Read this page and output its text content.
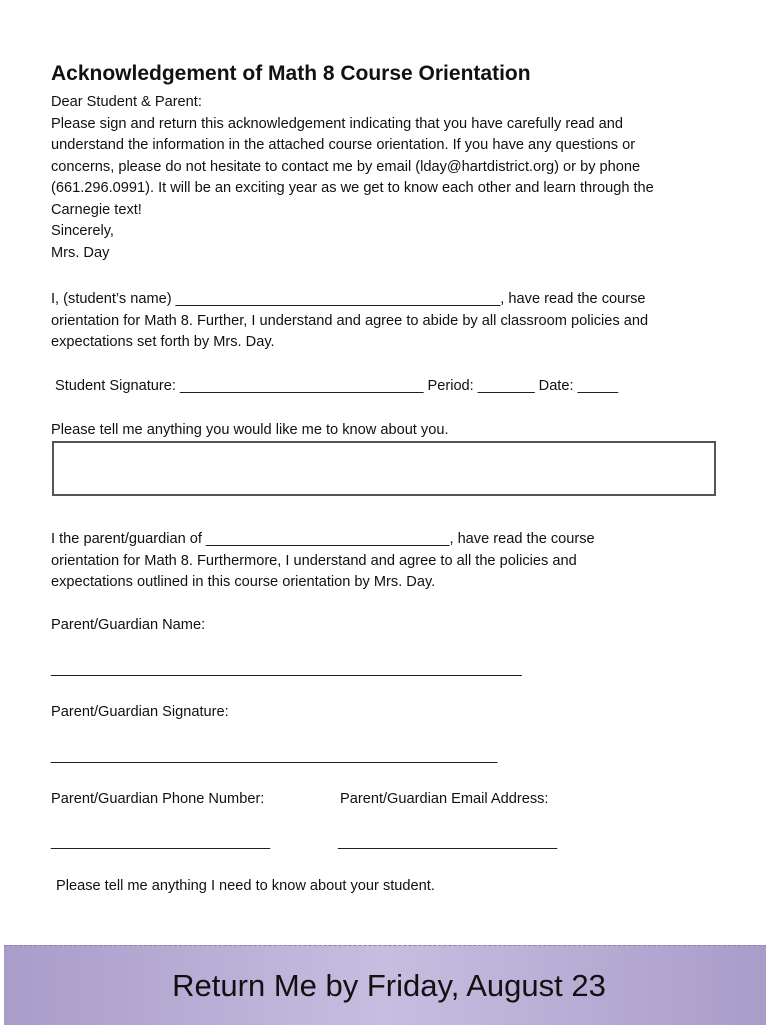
Acknowledgement of Math 8 Course Orientation
Dear Student & Parent:
Please sign and return this acknowledgement indicating that you have carefully read and
understand the information in the attached course orientation. If you have any questions or
concerns, please do not hesitate to contact me by email (lday@hartdistrict.org) or by phone
(661.296.0991). It will be an exciting year as we get to know each other and learn through the
Carnegie text!
Sincerely,
Mrs. Day
I, (student’s name) ________________________________________, have read the course
orientation for Math 8. Further, I understand and agree to abide by all classroom policies and
expectations set forth by Mrs. Day.
Student Signature: ______________________________ Period: _______ Date: _____
Please tell me anything you would like me to know about you.
I the parent/guardian of ______________________________, have read the course
orientation for Math 8. Furthermore, I understand and agree to all the policies and
expectations outlined in this course orientation by Mrs. Day.
Parent/Guardian Name:
__________________________________________________________
Parent/Guardian Signature:
_______________________________________________________
Parent/Guardian Phone Number:	Parent/Guardian Email Address:
___________________________	___________________________
Please tell me anything I need to know about your student.
Return Me by Friday, August 23
